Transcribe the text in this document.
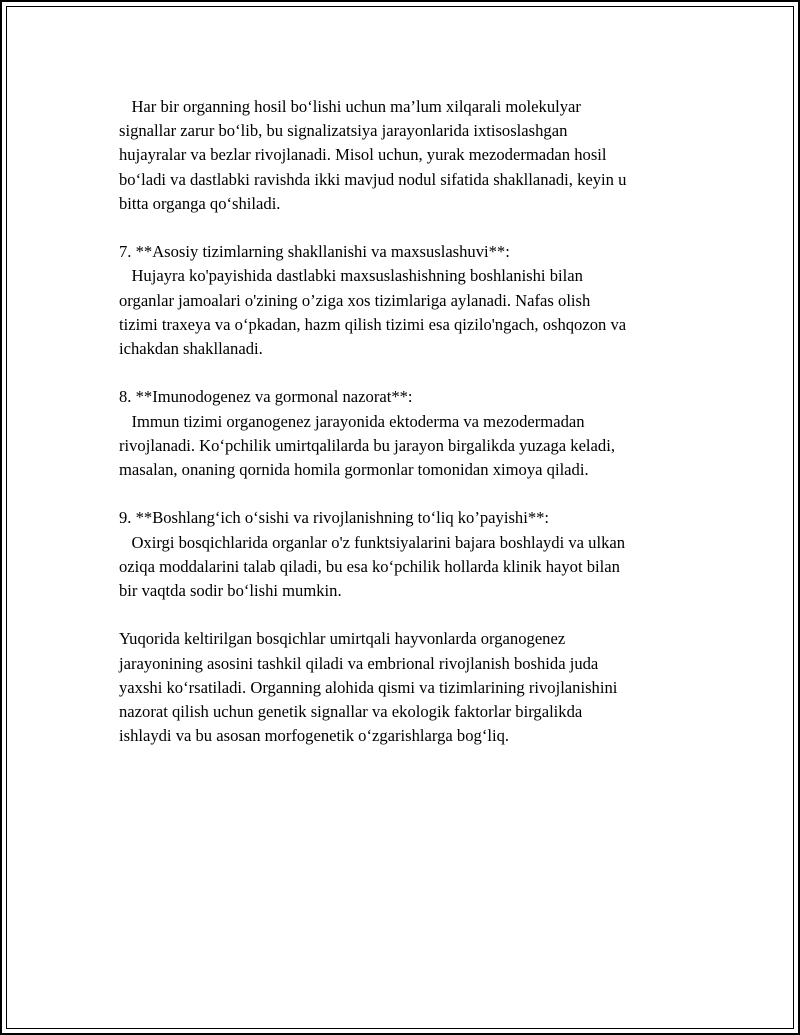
Har bir organning hosil bo‘lishi uchun ma’lum xilqarali molekulyar
signallar zarur bo‘lib, bu signalizatsiya jarayonlarida ixtisoslashgan
hujayralar va bezlar rivojlanadi. Misol uchun, yurak mezodermadan hosil
bo‘ladi va dastlabki ravishda ikki mavjud nodul sifatida shakllanadi, keyin u
bitta organga qo‘shiladi.

7. **Asosiy tizimlarning shakllanishi va maxsuslashuvi**:
Hujayra ko'payishida dastlabki maxsuslashishning boshlanishi bilan
organlar jamoalari o'zining o’ziga xos tizimlariga aylanadi. Nafas olish
tizimi traxeya va o‘pkadan, hazm qilish tizimi esa qizilo'ngach, oshqozon va
ichakdan shakllanadi.

8. **Imunodogenez va gormonal nazorat**:
Immun tizimi organogenez jarayonida ektoderma va mezodermadan
rivojlanadi. Ko‘pchilik umirtqalilarda bu jarayon birgalikda yuzaga keladi,
masalan, onaning qornida homila gormonlar tomonidan ximoya qiladi.

9. **Boshlang‘ich o‘sishi va rivojlanishning to‘liq ko’payishi**:
Oxirgi bosqichlarida organlar o'z funktsiyalarini bajara boshlaydi va ulkan
oziqa moddalarini talab qiladi, bu esa ko‘pchilik hollarda klinik hayot bilan
bir vaqtda sodir bo‘lishi mumkin.

Yuqorida keltirilgan bosqichlar umirtqali hayvonlarda organogenez
jarayonining asosini tashkil qiladi va embrional rivojlanish boshida juda
yaxshi ko‘rsatiladi. Organning alohida qismi va tizimlarining rivojlanishini
nazorat qilish uchun genetik signallar va ekologik faktorlar birgalikda
ishlaydi va bu asosan morfogenetik o‘zgarishlarga bog‘liq.
